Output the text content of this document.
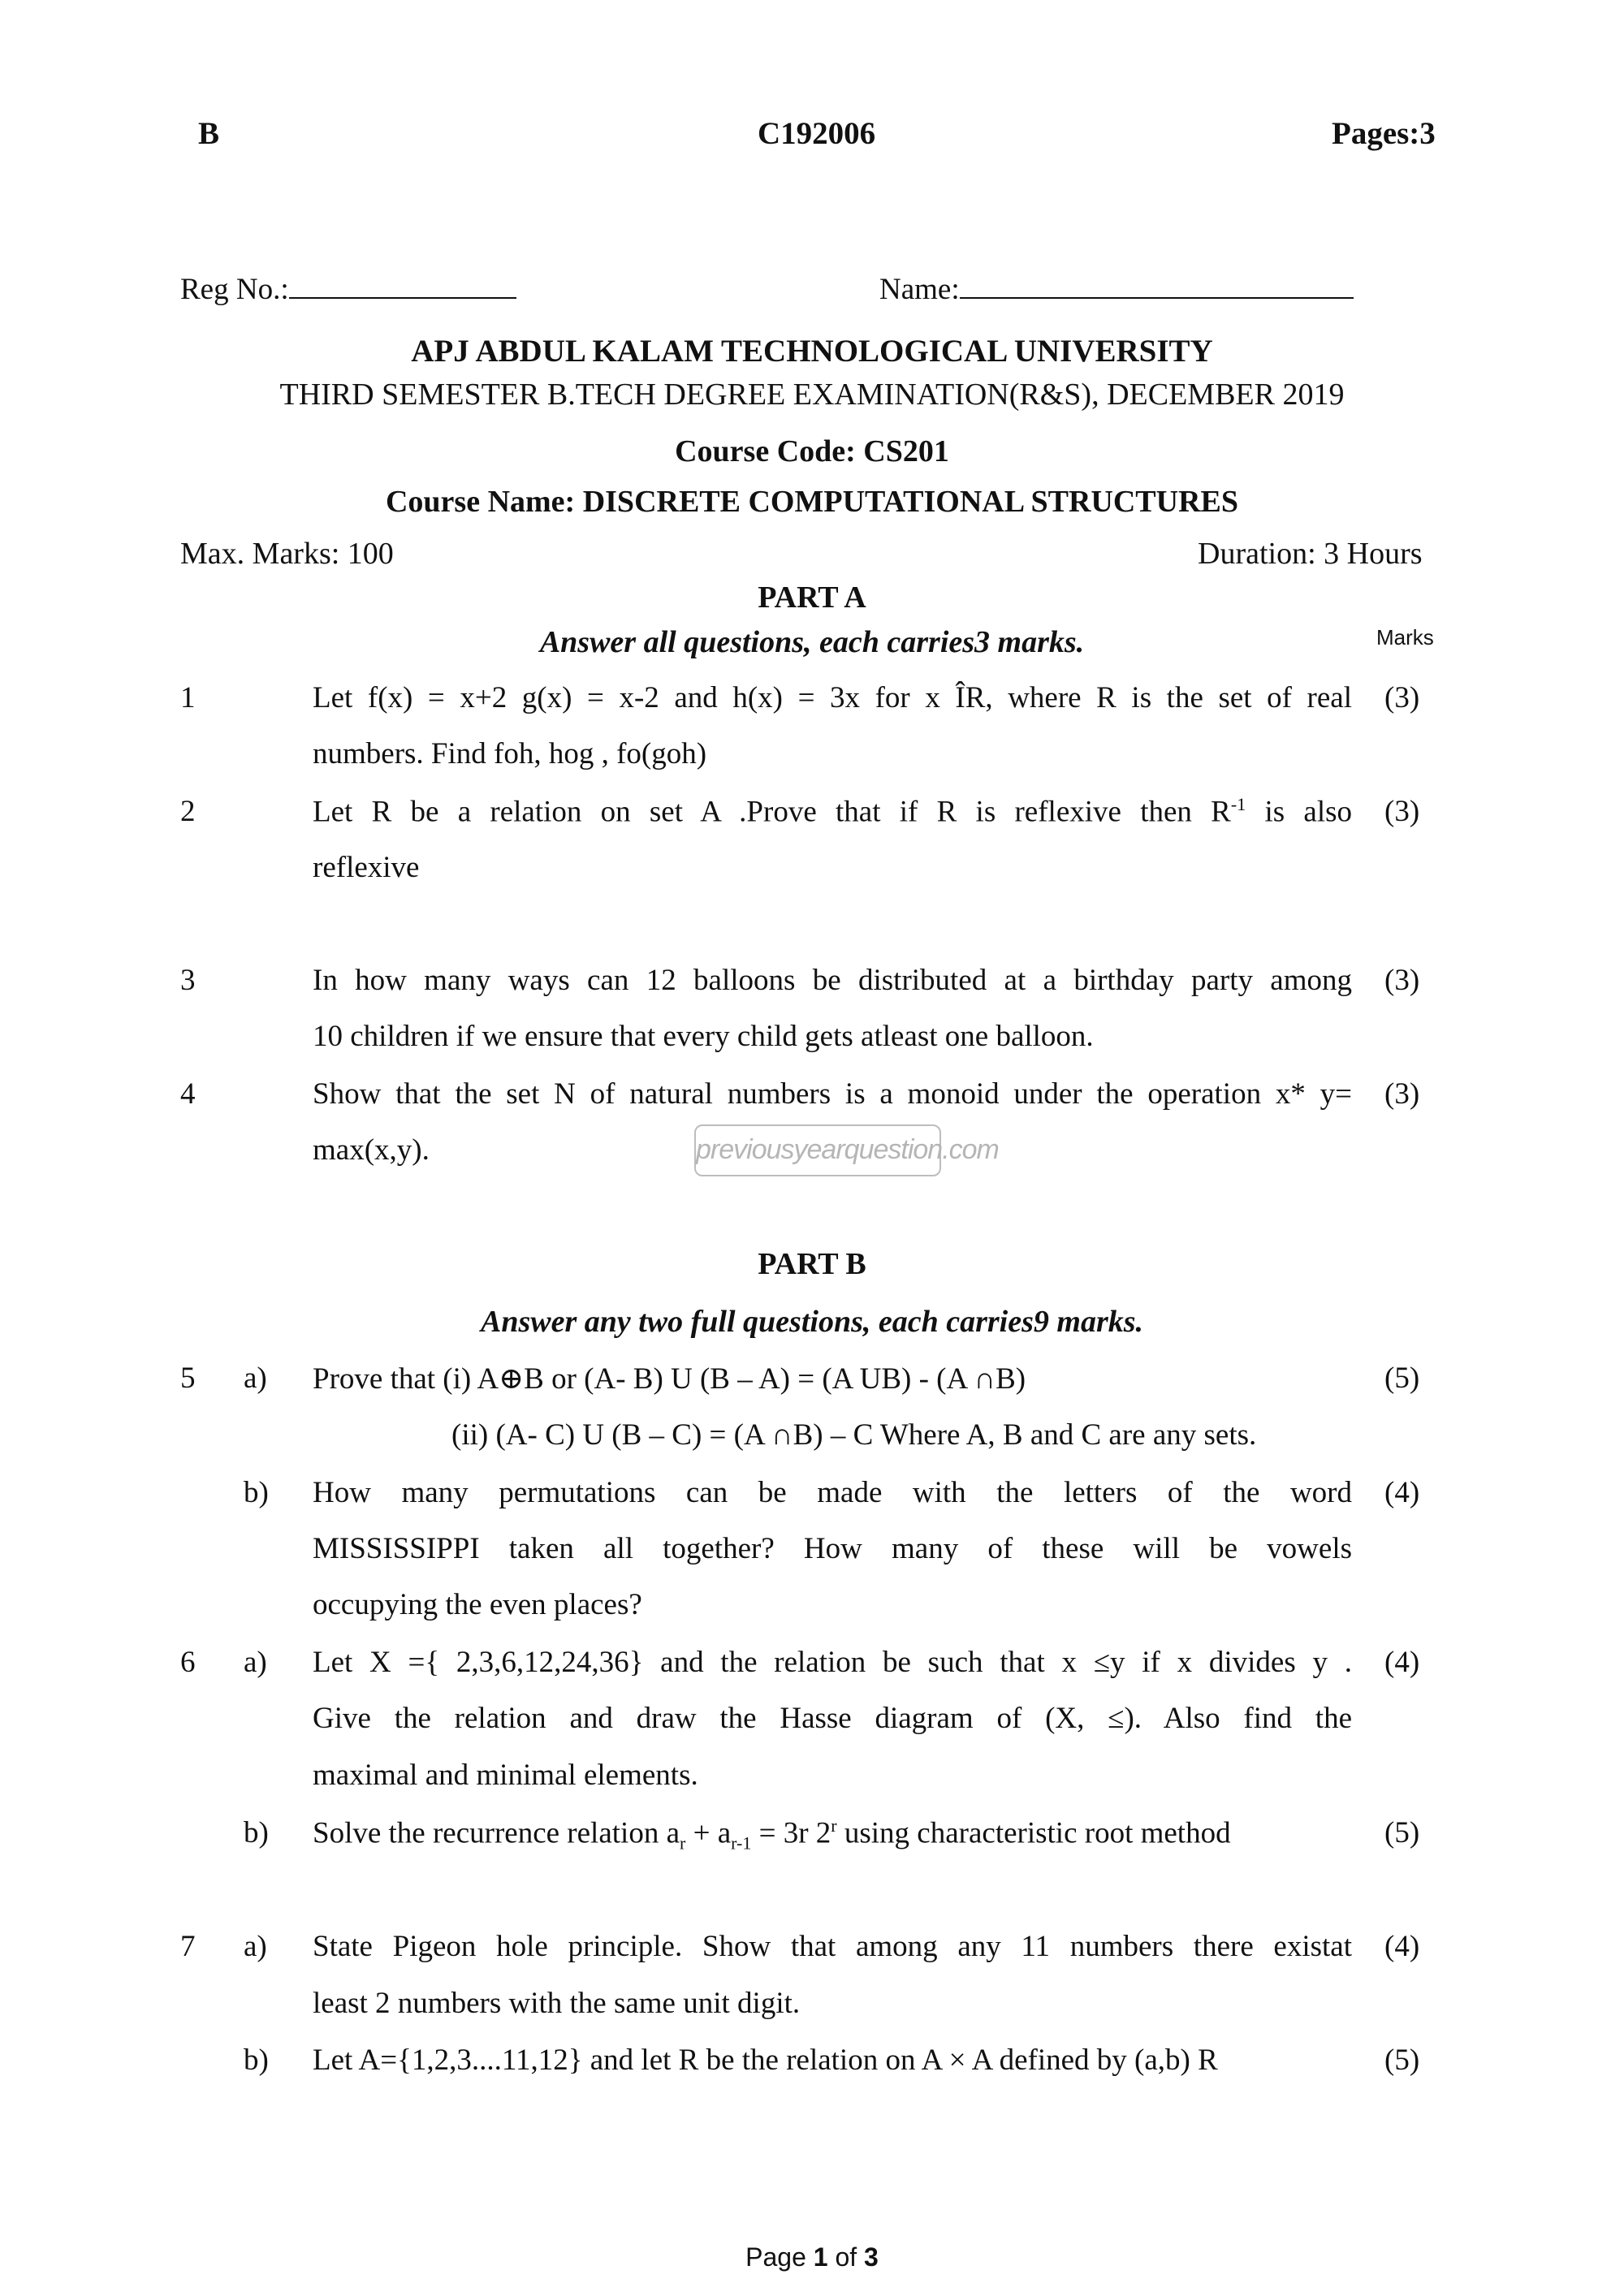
B	C192006	Pages:3
Reg No.:	Name:
APJ ABDUL KALAM TECHNOLOGICAL UNIVERSITY
THIRD SEMESTER B.TECH DEGREE EXAMINATION(R&S), DECEMBER 2019
Course Code: CS201
Course Name: DISCRETE COMPUTATIONAL STRUCTURES
Max. Marks: 100	Duration: 3 Hours
PART A
Answer all questions, each carries3 marks.	Marks
1	Let f(x) = x+2 g(x) = x-2 and h(x) = 3x for x ÎR, where R is the set of real
numbers. Find foh, hog , fo(goh)
(3)
2	Let R be a relation on set A .Prove that if R is reflexive then $R^{-1}$ is also
reflexive
(3)
3	In how many ways can 12 balloons be distributed at a birthday party among
10 children if we ensure that every child gets atleast one balloon.
(3)
4	Show that the set N of natural numbers is a monoid under the operation x* y=
max(x,y).
(3)
previousyearquestion.com
PART B
Answer any two full questions, each carries9 marks.
5 a) Prove that (i) A⊕B or (A- B) U (B – A) = (A UB) - (A ∩B)
(ii) (A- C) U (B – C) = (A ∩B) – C Where A, B and C are any sets.
(5)
b) How many permutations can be made with the letters of the word
MISSISSIPPI taken all together? How many of these will be vowels
occupying the even places?
(4)
6 a) Let X ={ 2,3,6,12,24,36} and the relation be such that x ≤y if x divides y .
Give the relation and draw the Hasse diagram of (X, ≤). Also find the
maximal and minimal elements.
(4)
b) Solve the recurrence relation $a_r + a_{r-1} = 3r$ 2$^r$ using characteristic root method	(5)
7 a) State Pigeon hole principle. Show that among any 11 numbers there existat
least 2 numbers with the same unit digit.
(4)
b) Let A={1,2,3....11,12} and let R be the relation on A × A defined by (a,b) R	(5)
Page 1 of 3
